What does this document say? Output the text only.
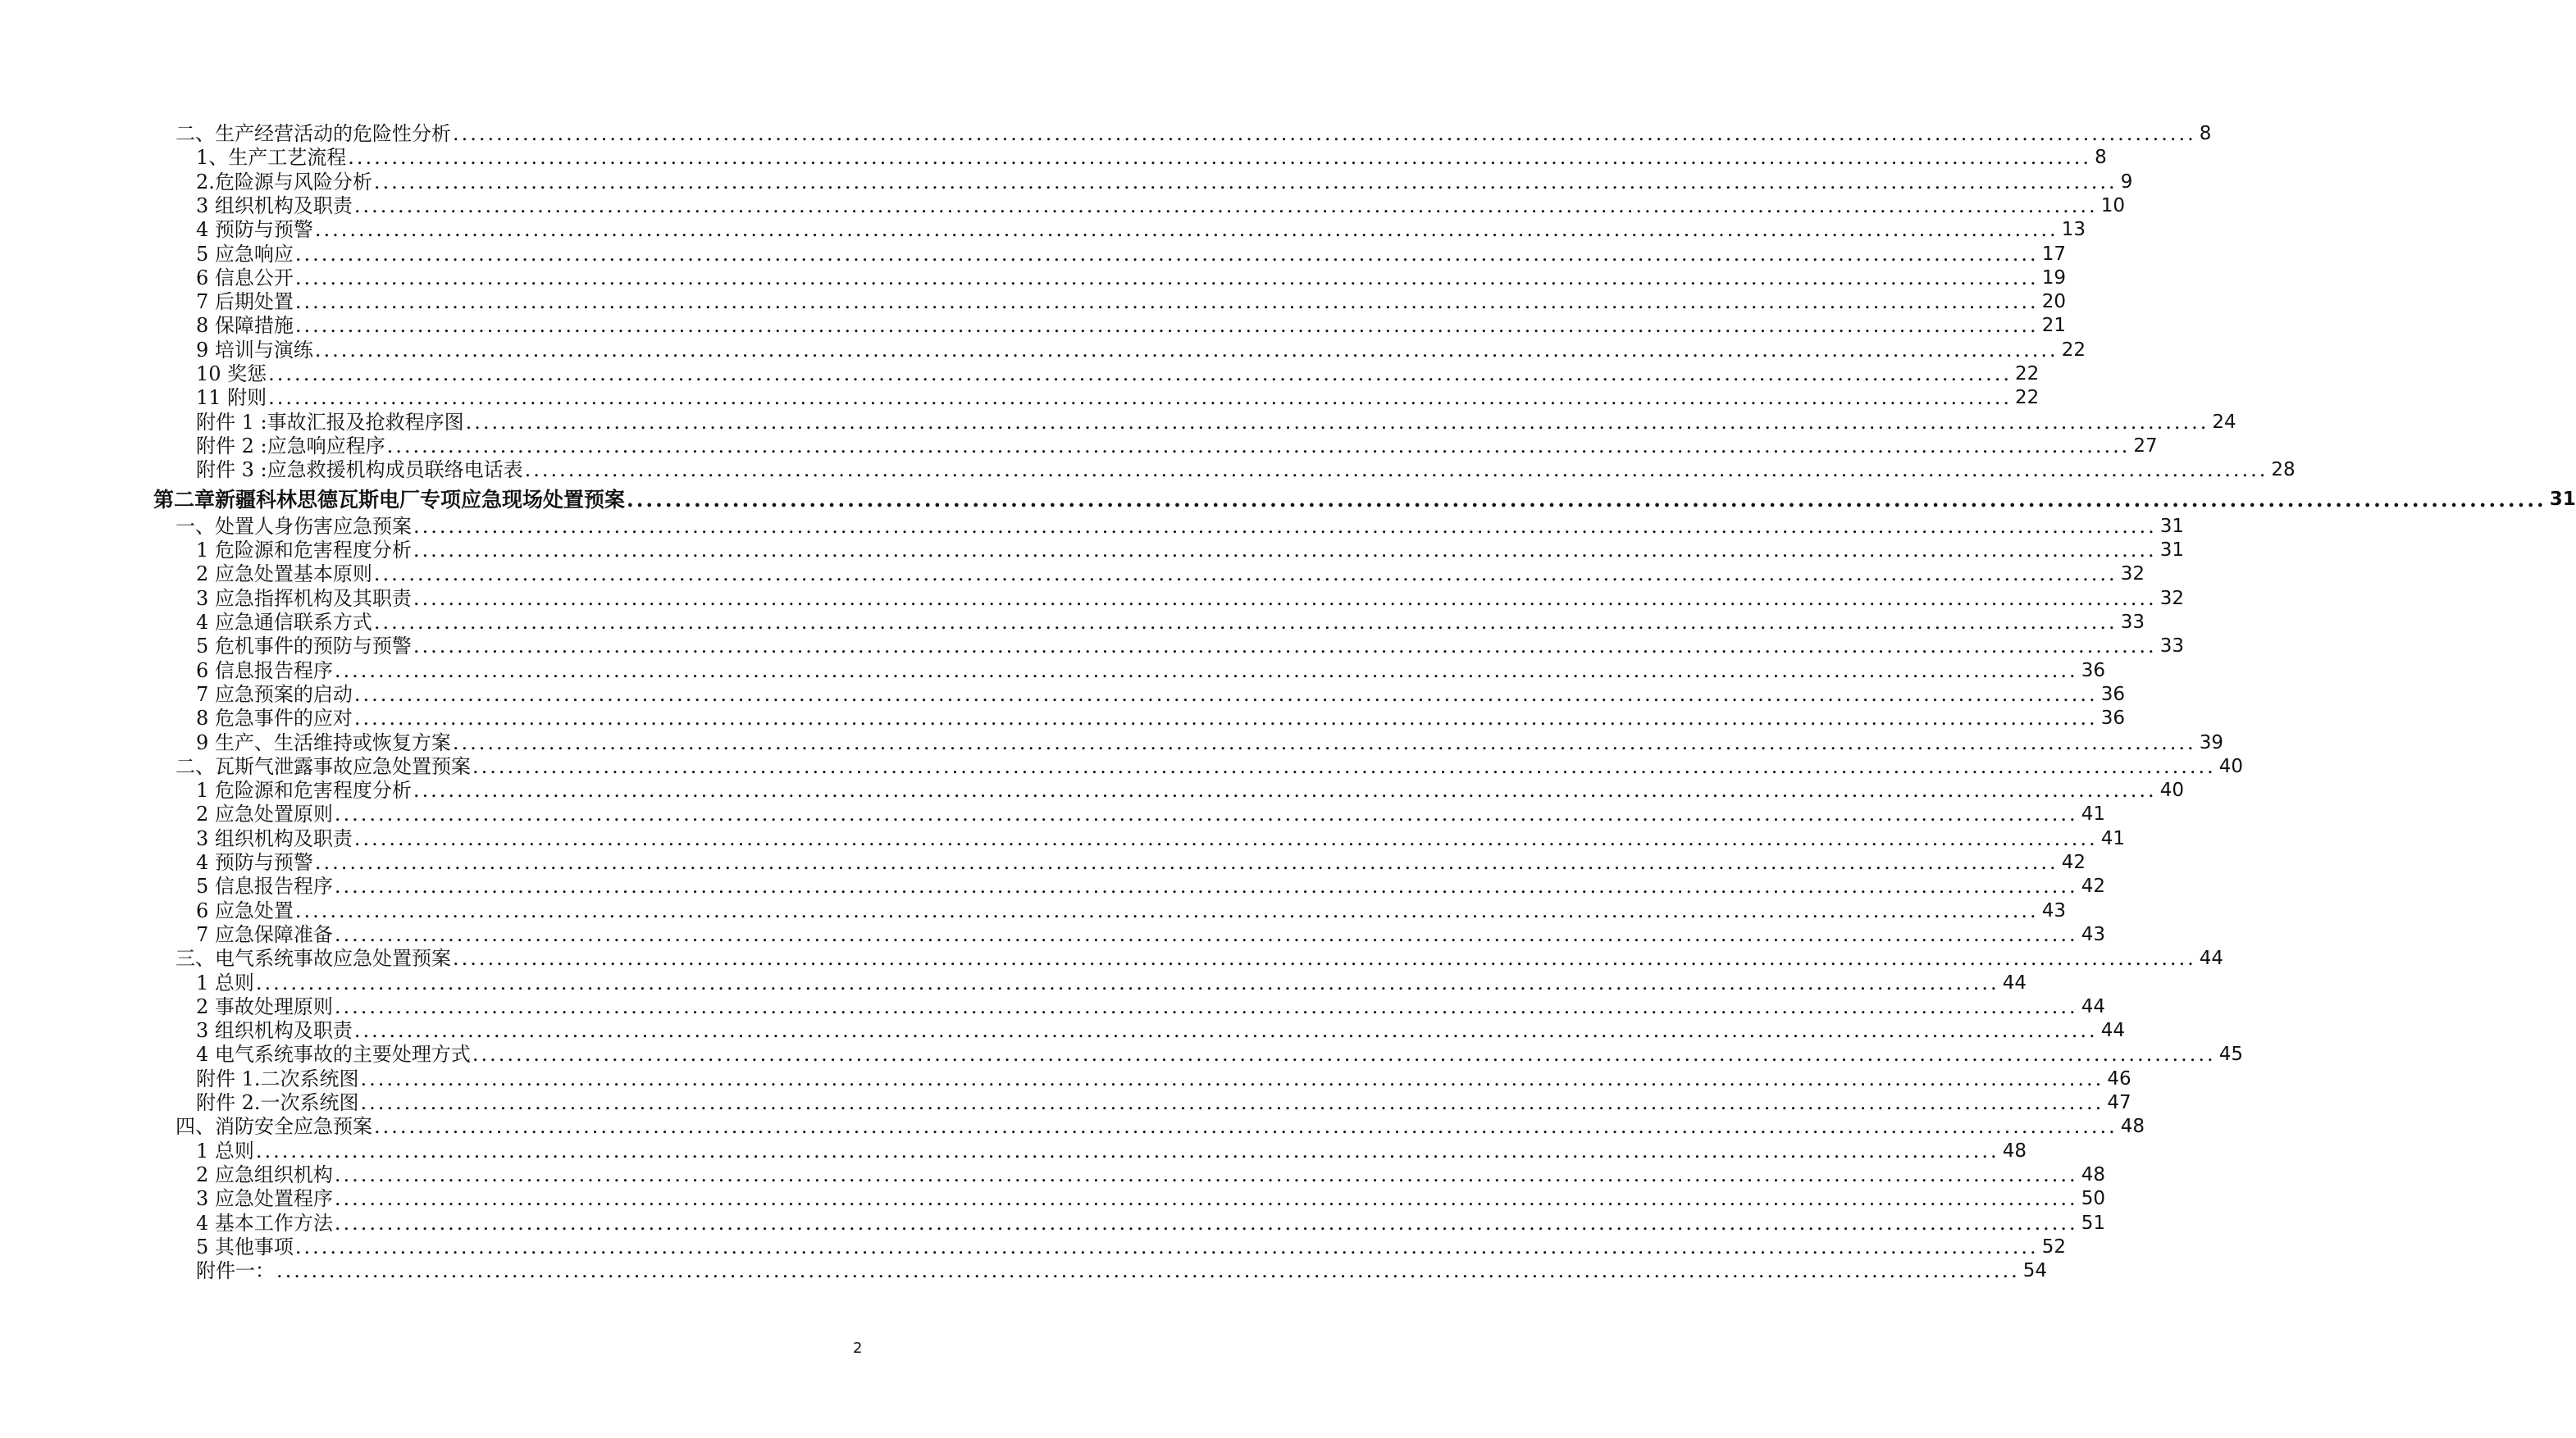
二、生产经营活动的危险性分析 ........................................................................................................................................................................................................ 8
1、生产工艺流程 ........................................................................................................................................................................................................ 8
2.危险源与风险分析 ........................................................................................................................................................................................................ 9
3 组织机构及职责 ........................................................................................................................................................................................................ 10
4 预防与预警 ........................................................................................................................................................................................................ 13
5 应急响应 ........................................................................................................................................................................................................ 17
6 信息公开 ........................................................................................................................................................................................................ 19
7 后期处置 ........................................................................................................................................................................................................ 20
8 保障措施 ........................................................................................................................................................................................................ 21
9 培训与演练 ........................................................................................................................................................................................................ 22
10 奖惩 ........................................................................................................................................................................................................ 22
11 附则 ........................................................................................................................................................................................................ 22
附件 1 :事故汇报及抢救程序图 ........................................................................................................................................................................................................ 24
附件 2 :应急响应程序 ........................................................................................................................................................................................................ 27
附件 3 :应急救援机构成员联络电话表 ........................................................................................................................................................................................................ 28
第二章新疆科林思德瓦斯电厂专项应急现场处置预案 ........................................................................................................................................................................................................ 31
一、处置人身伤害应急预案 ........................................................................................................................................................................................................ 31
1 危险源和危害程度分析 ........................................................................................................................................................................................................ 31
2 应急处置基本原则 ........................................................................................................................................................................................................ 32
3 应急指挥机构及其职责 ........................................................................................................................................................................................................ 32
4 应急通信联系方式 ........................................................................................................................................................................................................ 33
5 危机事件的预防与预警 ........................................................................................................................................................................................................ 33
6 信息报告程序 ........................................................................................................................................................................................................ 36
7 应急预案的启动 ........................................................................................................................................................................................................ 36
8 危急事件的应对 ........................................................................................................................................................................................................ 36
9 生产、生活维持或恢复方案 ........................................................................................................................................................................................................ 39
二、瓦斯气泄露事故应急处置预案 ........................................................................................................................................................................................................ 40
1 危险源和危害程度分析 ........................................................................................................................................................................................................ 40
2 应急处置原则 ........................................................................................................................................................................................................ 41
3 组织机构及职责 ........................................................................................................................................................................................................ 41
4 预防与预警 ........................................................................................................................................................................................................ 42
5 信息报告程序 ........................................................................................................................................................................................................ 42
6 应急处置 ........................................................................................................................................................................................................ 43
7 应急保障准备 ........................................................................................................................................................................................................ 43
三、电气系统事故应急处置预案 ........................................................................................................................................................................................................ 44
1 总则 ........................................................................................................................................................................................................ 44
2 事故处理原则 ........................................................................................................................................................................................................ 44
3 组织机构及职责 ........................................................................................................................................................................................................ 44
4 电气系统事故的主要处理方式 ........................................................................................................................................................................................................ 45
附件 1.二次系统图 ........................................................................................................................................................................................................ 46
附件 2.一次系统图 ........................................................................................................................................................................................................ 47
四、消防安全应急预案 ........................................................................................................................................................................................................ 48
1 总则 ........................................................................................................................................................................................................ 48
2 应急组织机构 ........................................................................................................................................................................................................ 48
3 应急处置程序 ........................................................................................................................................................................................................ 50
4 基本工作方法 ........................................................................................................................................................................................................ 51
5 其他事项 ........................................................................................................................................................................................................ 52
附件一： ........................................................................................................................................................................................................ 54
2
